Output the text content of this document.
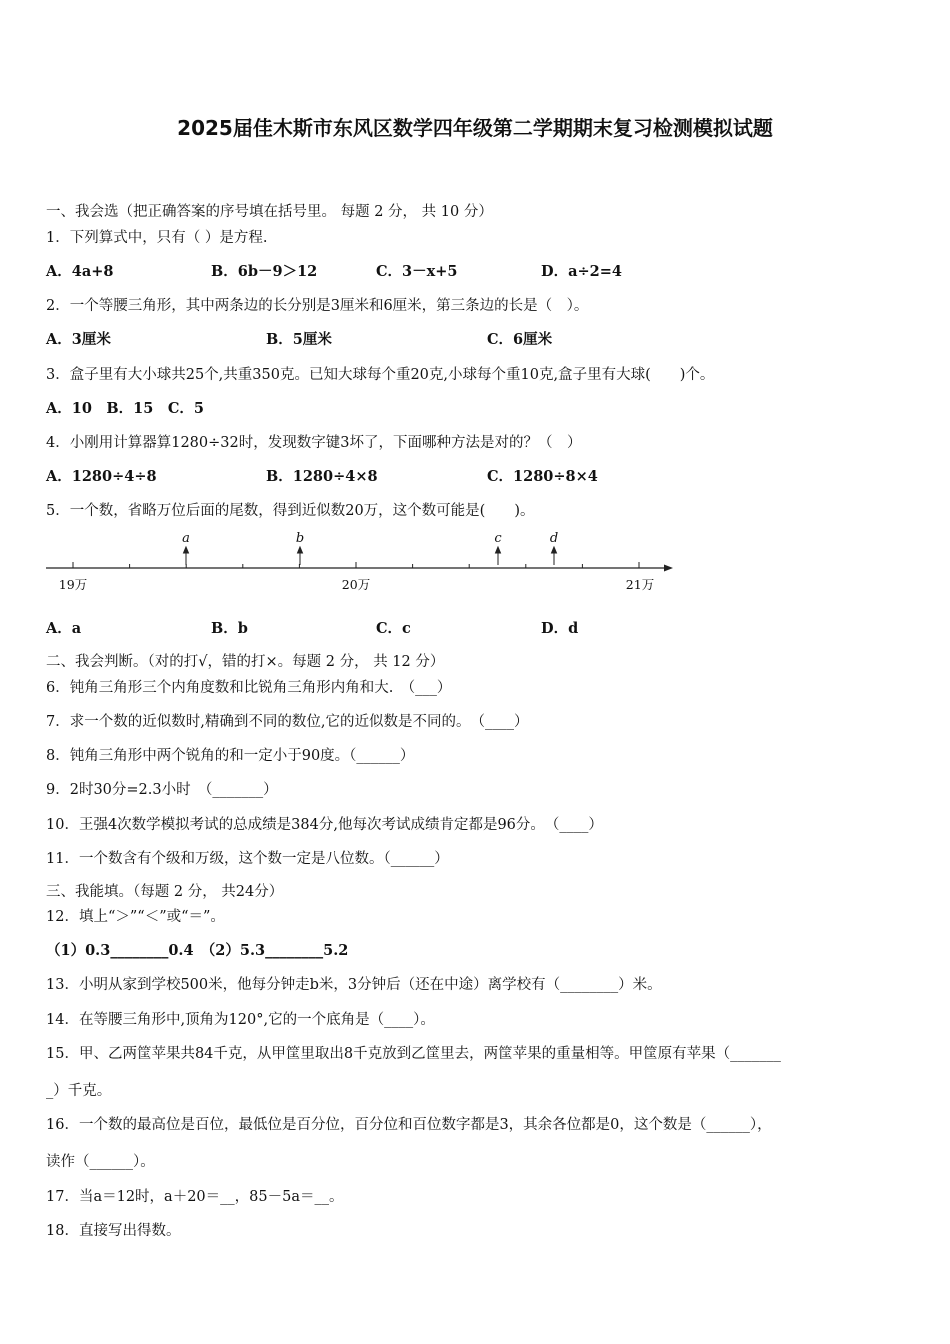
2025届佳木斯市东风区数学四年级第二学期期末复习检测模拟试题
一、我会选（把正确答案的序号填在括号里。 每题 2 分， 共 10 分）
1．下列算式中，只有（ ）是方程.
A．4a+8	B．6b－9＞12	C．3－x+5	D．a÷2=4
2．一个等腰三角形，其中两条边的长分别是3厘米和6厘米，第三条边的长是（　）。
A．3厘米	B．5厘米	C．6厘米
3．盒子里有大小球共25个,共重350克。已知大球每个重20克,小球每个重10克,盒子里有大球(　　)个。
A．10　B．15　C．5
4．小刚用计算器算1280÷32时，发现数字键3坏了，下面哪种方法是对的？（　）
A．1280÷4÷8	B．1280÷4×8	C．1280÷8×4
5．一个数，省略万位后面的尾数，得到近似数20万，这个数可能是(　　)。
a	b	c	d
19万	20万	21万
A．a	B．b	C．c	D．d
二、我会判断。（对的打√，错的打×。每题 2 分， 共 12 分）
6．钝角三角形三个内角度数和比锐角三角形内角和大.　（___）
7．求一个数的近似数时,精确到不同的数位,它的近似数是不同的。　（____）
8．钝角三角形中两个锐角的和一定小于90度。（______）
9．2时30分=2.3小时　（_______）
10．王强4次数学模拟考试的总成绩是384分,他每次考试成绩肯定都是96分。　（____）
11．一个数含有个级和万级，这个数一定是八位数。（______）
三、我能填。（每题 2 分， 共24分）
12．填上“＞”“＜”或“＝”。
（1）0.3________0.4　（2）5.3________5.2
13．小明从家到学校500米，他每分钟走b米，3分钟后（还在中途）离学校有（________）米。
14．在等腰三角形中,顶角为120°,它的一个底角是（____）。
15．甲、乙两筐苹果共84千克，从甲筐里取出8千克放到乙筐里去，两筐苹果的重量相等。甲筐原有苹果（_______
_）千克。
16．一个数的最高位是百位，最低位是百分位，百分位和百位数字都是3，其余各位都是0，这个数是（______），
读作（______）。
17．当a＝12时，a＋20＝__，85－5a＝__。
18．直接写出得数。
